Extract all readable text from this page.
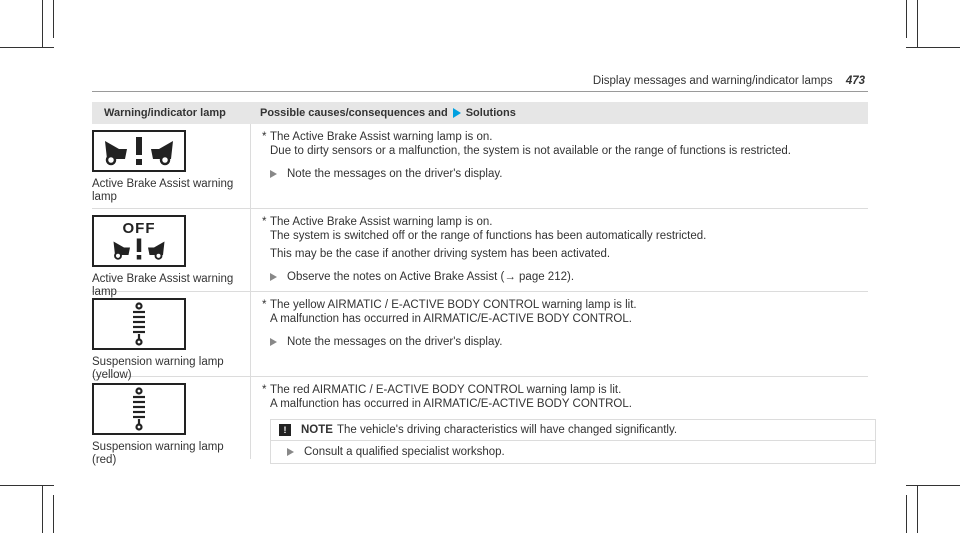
Display messages and warning/indicator lamps 473
Warning/indicator lamp	Possible causes/consequences and Solutions
Active Brake Assist warning lamp
* The Active Brake Assist warning lamp is on.
Due to dirty sensors or a malfunction, the system is not available or the range of functions is restricted.
Note the messages on the driver's display.
OFF
Active Brake Assist warning lamp
* The Active Brake Assist warning lamp is on.
The system is switched off or the range of functions has been automatically restricted.
This may be the case if another driving system has been activated.
Observe the notes on Active Brake Assist (→ page 212).
Suspension warning lamp (yellow)
* The yellow AIRMATIC / E-ACTIVE BODY CONTROL warning lamp is lit.
A malfunction has occurred in AIRMATIC/E-ACTIVE BODY CONTROL.
Note the messages on the driver's display.
Suspension warning lamp (red)
* The red AIRMATIC / E-ACTIVE BODY CONTROL warning lamp is lit.
A malfunction has occurred in AIRMATIC/E-ACTIVE BODY CONTROL.
!	NOTE The vehicle's driving characteristics will have changed significantly.
Consult a qualified specialist workshop.
